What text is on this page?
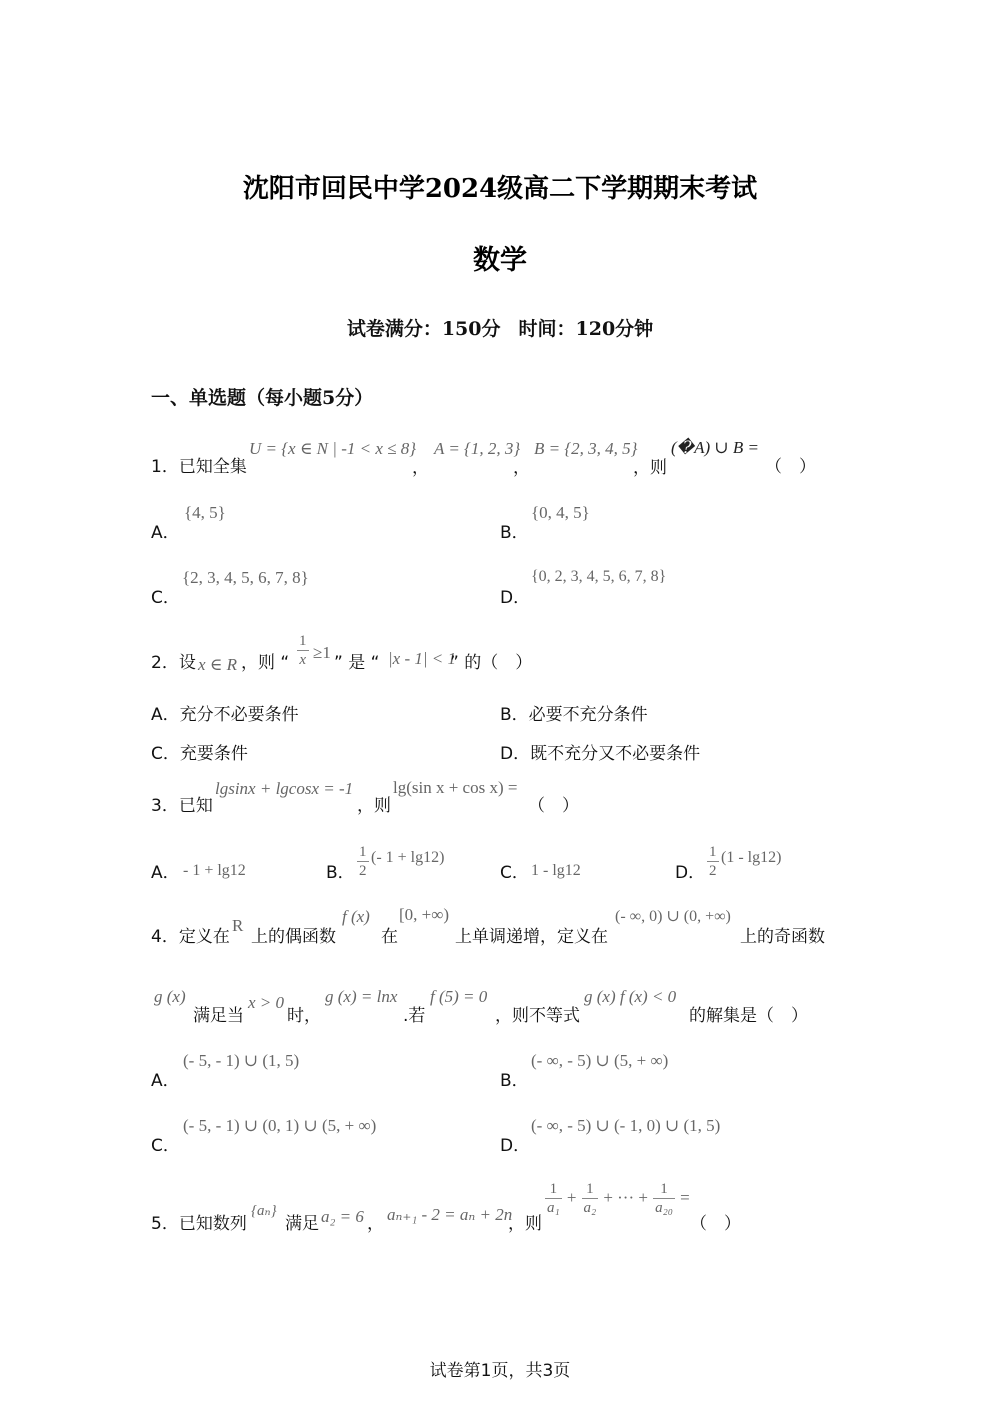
沈阳市回民中学2024级高二下学期期末考试
数学
试卷满分：150分 时间：120分钟
一、单选题（每小题5分）
1．已知全集
U = {x ∈ N | -1 < x ≤ 8}
，
A = {1, 2, 3}
，
B = {2, 3, 4, 5}
，则
(�A) ∪ B =
（　）
A．
{4, 5}
B．
{0, 4, 5}
C．
{2, 3, 4, 5, 6, 7, 8}
D．
{0, 2, 3, 4, 5, 6, 7, 8}
2．设 x ∈ R ，则 “ $\frac{1}{x} \ge 1$
” 是 “ |x - 1| < 1
” 的（　）
A．充分不必要条件	B．必要不充分条件
C．充要条件	D．既不充分又不必要条件
3．已知
lgsinx + lgcosx = -1
，则
lg(sin x + cos x) =
（　）
A． - 1 + lg12	B． $\frac{1}{2}$ (- 1 + lg12)
C． 1 - lg12	D． $\frac{1}{2} (1 - \lg 12)$
4．定义在
R
上的偶函数
f (x)
在
[0, +∞)
上单调递增，定义在
(- ∞, 0) ∪ (0, +∞)
上的奇函数
g (x)
满足当
x > 0
时，
g (x) = lnx
.若
f (5) = 0
，则不等式
g (x) f (x) < 0
的解集是（　）
A．
(- 5, - 1) ∪ (1, 5)
B．
(- ∞, - 5) ∪ (5, + ∞)
C．
(- 5, - 1) ∪ (0, 1) ∪ (5, + ∞)
D．
(- ∞, - 5) ∪ (- 1, 0) ∪ (1, 5)
5．已知数列
{aₙ}
满足 a₂ = 6 ， aₙ₊₁ - 2 = aₙ + 2n
，则
$\frac{1}{\text{a₁}} + \frac{1}{\text{a₂}}$ + ··· + $\frac{1}{\text{a₂₀}}$ =
（　）
试卷第1页，共3页
